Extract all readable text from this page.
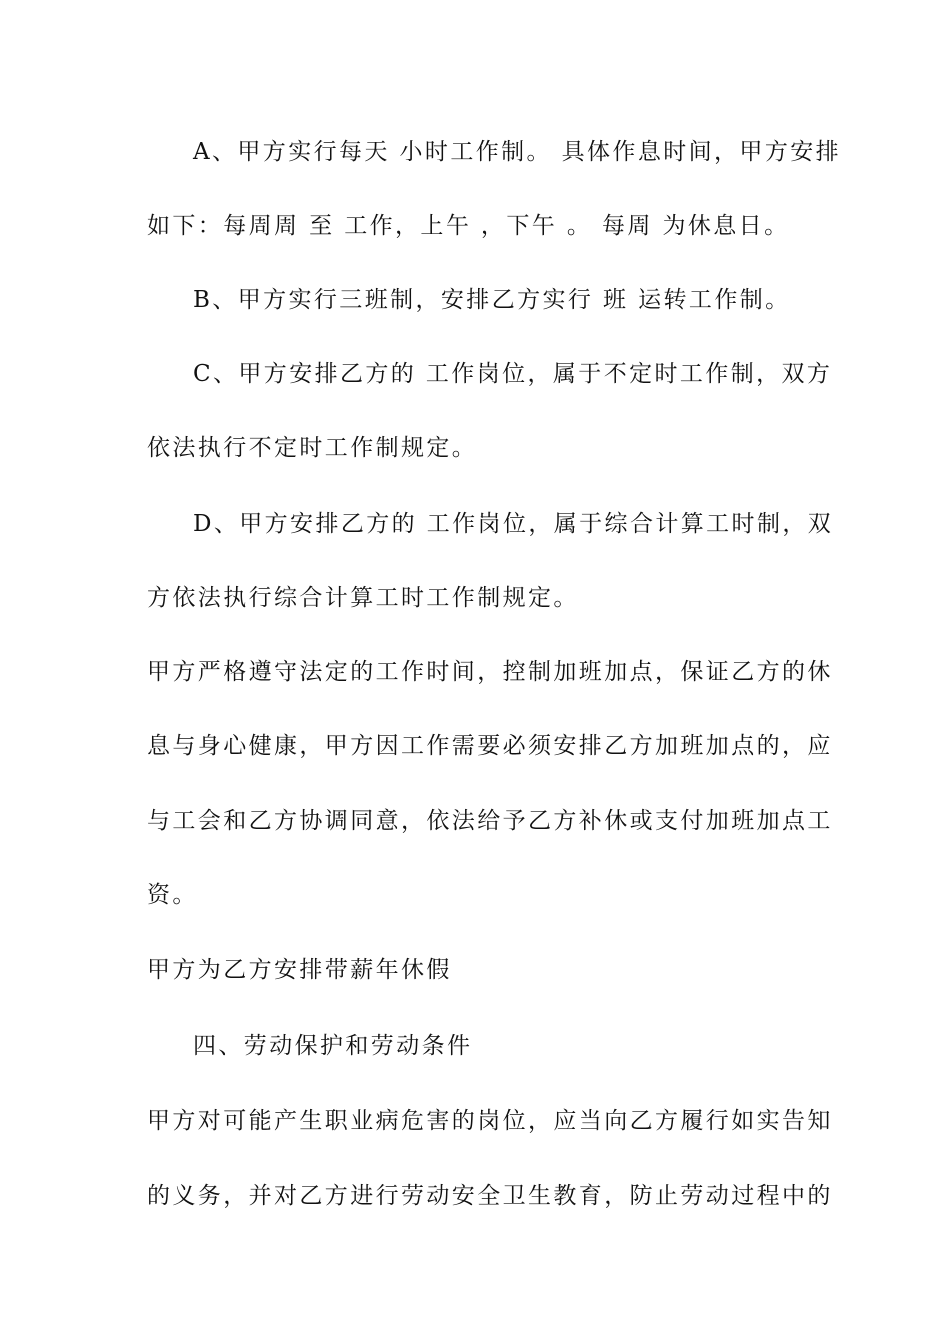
A、甲方实行每天 小时工作制。 具体作息时间，甲方安排
如下：每周周 至 工作，上午 ，下午 。 每周 为休息日。
B、甲方实行三班制，安排乙方实行 班 运转工作制。
C、甲方安排乙方的 工作岗位，属于不定时工作制，双方
依法执行不定时工作制规定。
D、甲方安排乙方的 工作岗位，属于综合计算工时制，双
方依法执行综合计算工时工作制规定。
甲方严格遵守法定的工作时间，控制加班加点，保证乙方的休
息与身心健康，甲方因工作需要必须安排乙方加班加点的，应
与工会和乙方协调同意，依法给予乙方补休或支付加班加点工
资。
甲方为乙方安排带薪年休假
四、劳动保护和劳动条件
甲方对可能产生职业病危害的岗位，应当向乙方履行如实告知
的义务，并对乙方进行劳动安全卫生教育，防止劳动过程中的
